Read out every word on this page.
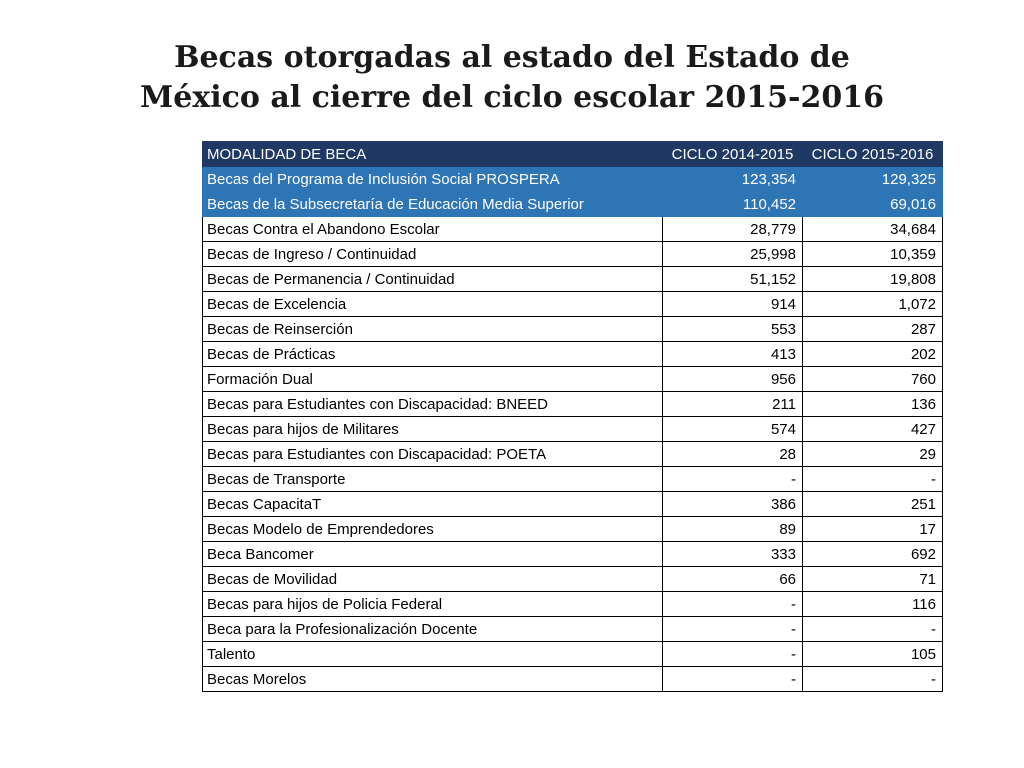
Becas otorgadas al estado del Estado de
México al cierre del ciclo escolar 2015-2016
MODALIDAD DE BECA	CICLO 2014-2015	CICLO 2015-2016
Becas del Programa de Inclusión Social PROSPERA	123,354	129,325
Becas de la Subsecretaría de Educación Media Superior	110,452	69,016
Becas Contra el Abandono Escolar	28,779	34,684
Becas de Ingreso / Continuidad	25,998	10,359
Becas de Permanencia / Continuidad	51,152	19,808
Becas de Excelencia	914	1,072
Becas de Reinserción	553	287
Becas de Prácticas	413	202
Formación Dual	956	760
Becas para Estudiantes con Discapacidad: BNEED	211	136
Becas para hijos de Militares	574	427
Becas para Estudiantes con Discapacidad: POETA	28	29
Becas de Transporte	-	-
Becas CapacitaT	386	251
Becas Modelo de Emprendedores	89	17
Beca Bancomer	333	692
Becas de Movilidad	66	71
Becas para hijos de Policia Federal	-	116
Beca para la Profesionalización Docente	-	-
Talento	-	105
Becas Morelos	-	-
